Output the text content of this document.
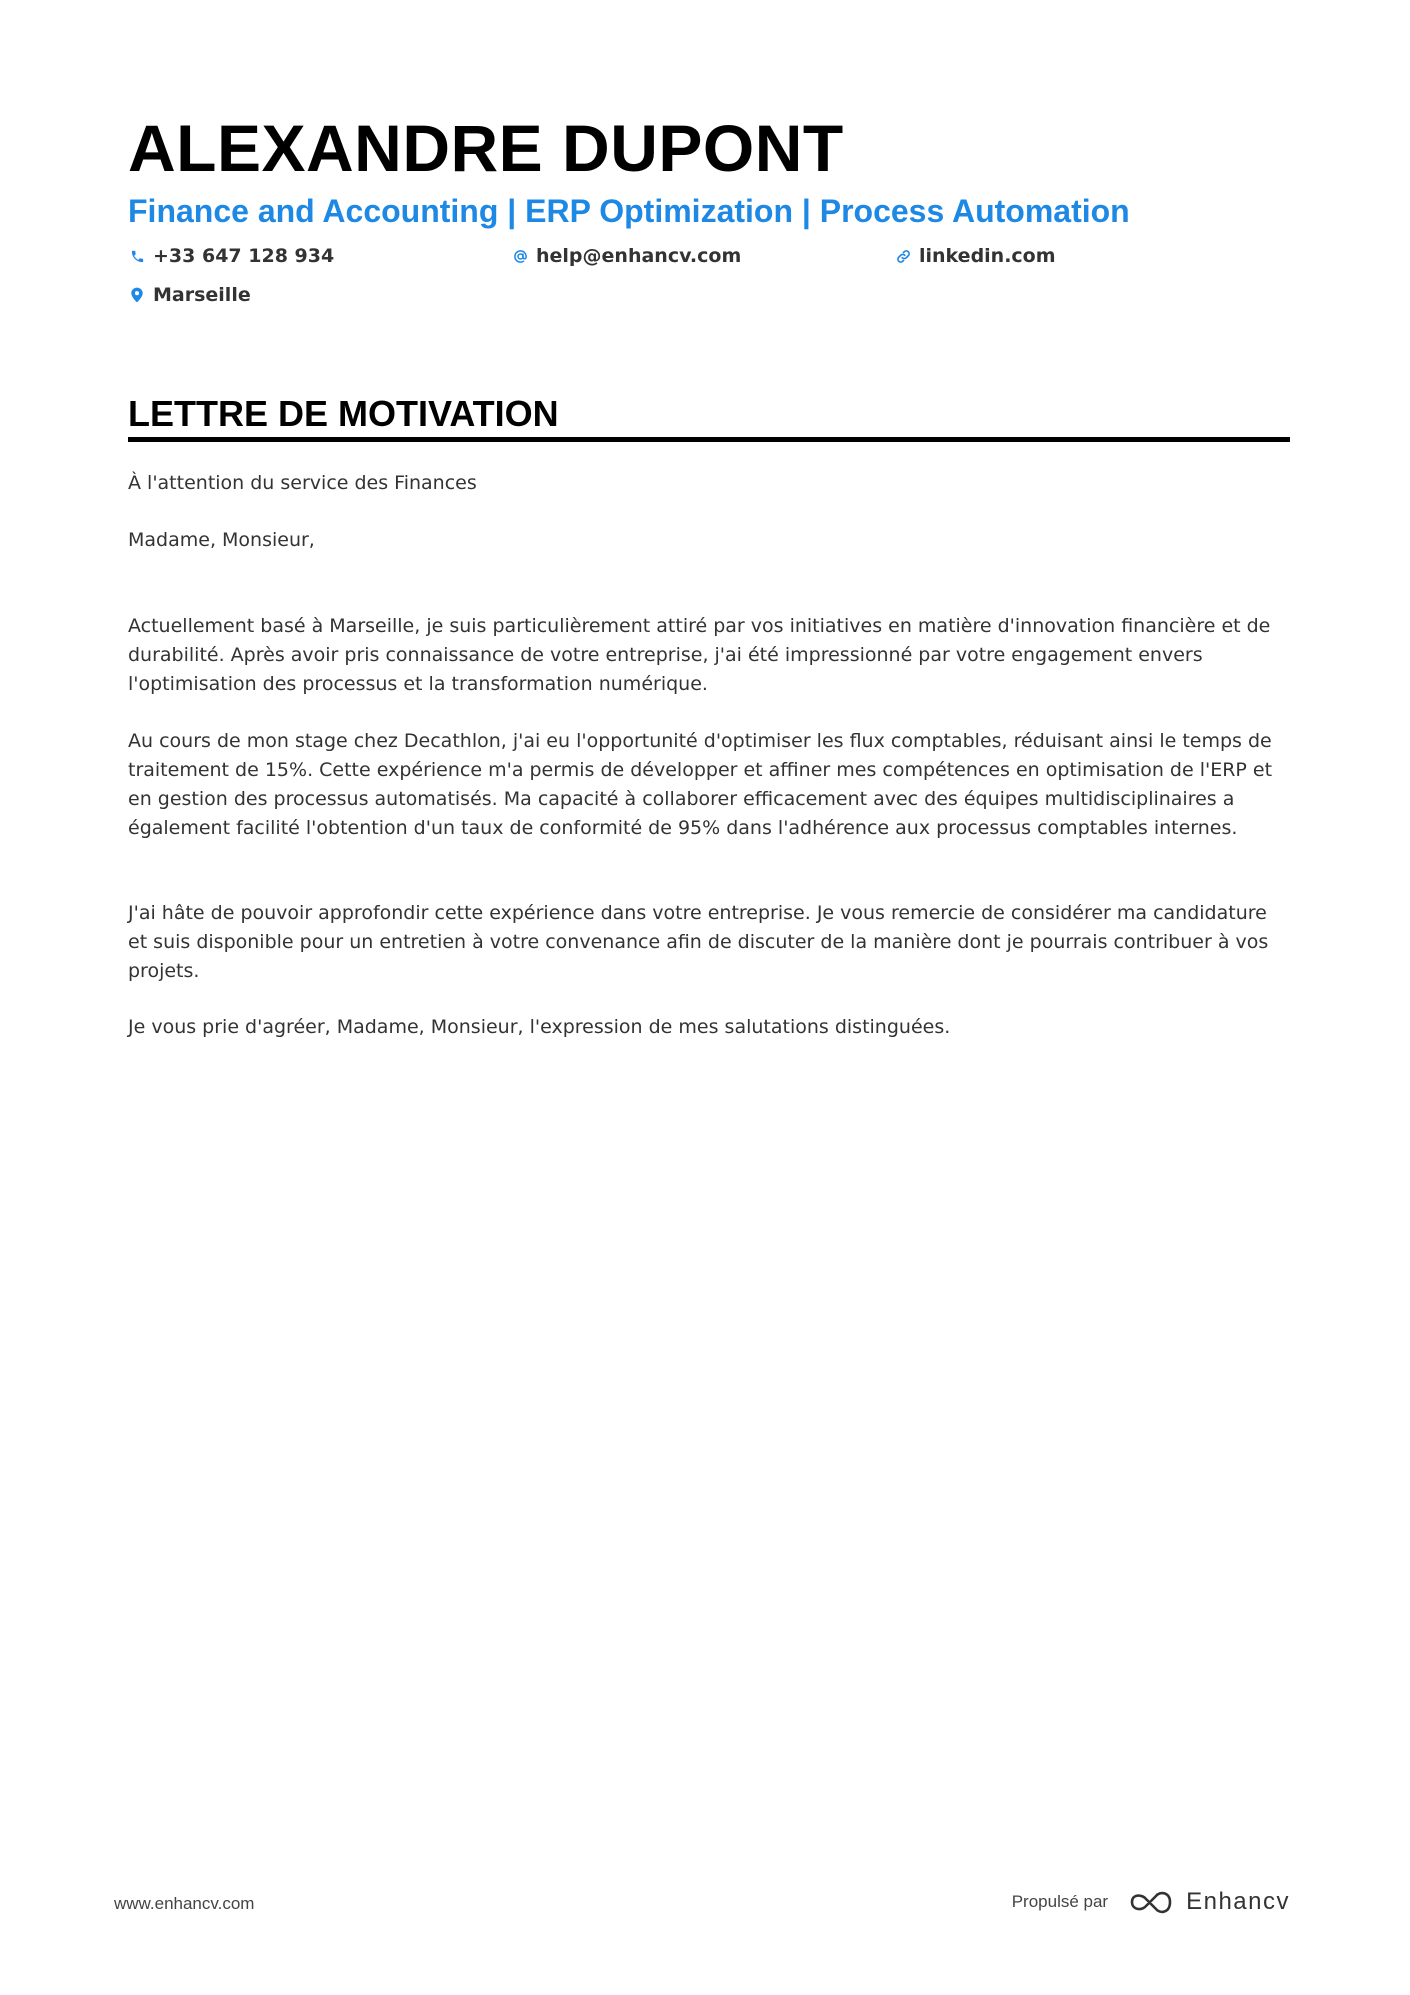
ALEXANDRE DUPONT
Finance and Accounting | ERP Optimization | Process Automation
+33 647 128 934	help@enhancv.com	linkedin.com
Marseille
LETTRE DE MOTIVATION

À l'attention du service des Finances

Madame, Monsieur,

Actuellement basé à Marseille, je suis particulièrement attiré par vos initiatives en matière d'innovation financière et de durabilité. Après avoir pris connaissance de votre entreprise, j'ai été impressionné par votre engagement envers l'optimisation des processus et la transformation numérique.

Au cours de mon stage chez Decathlon, j'ai eu l'opportunité d'optimiser les flux comptables, réduisant ainsi le temps de traitement de 15%. Cette expérience m'a permis de développer et affiner mes compétences en optimisation de l'ERP et en gestion des processus automatisés. Ma capacité à collaborer efficacement avec des équipes multidisciplinaires a également facilité l'obtention d'un taux de conformité de 95% dans l'adhérence aux processus comptables internes.

J'ai hâte de pouvoir approfondir cette expérience dans votre entreprise. Je vous remercie de considérer ma candidature et suis disponible pour un entretien à votre convenance afin de discuter de la manière dont je pourrais contribuer à vos projets.

Je vous prie d'agréer, Madame, Monsieur, l'expression de mes salutations distinguées.

www.enhancv.com	Propulsé par	Enhancv
